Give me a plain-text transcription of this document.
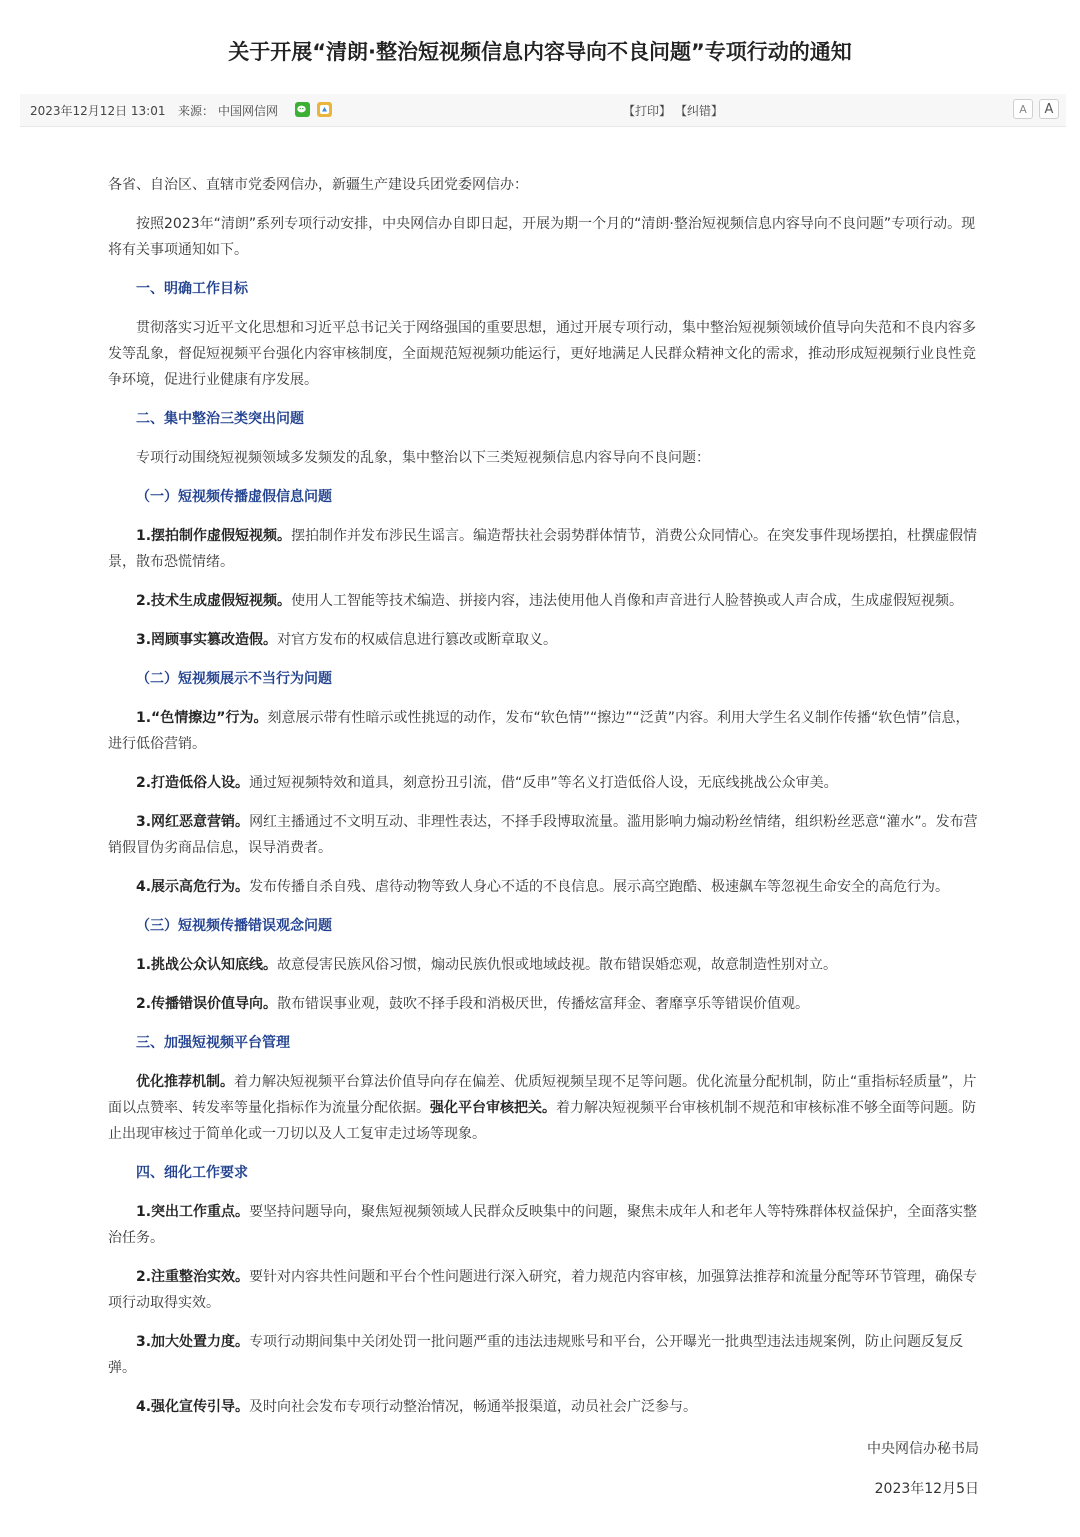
关于开展“清朗·整治短视频信息内容导向不良问题”专项行动的通知
2023年12月12日 13:01 来源： 中国网信网	【打印】 【纠错】	A	A

各省、自治区、直辖市党委网信办，新疆生产建设兵团党委网信办：

按照2023年“清朗”系列专项行动安排，中央网信办自即日起，开展为期一个月的“清朗·整治短视频信息内容导向不良问题”专项行动。现将有关事项通知如下。

一、明确工作目标

贯彻落实习近平文化思想和习近平总书记关于网络强国的重要思想，通过开展专项行动，集中整治短视频领域价值导向失范和不良内容多发等乱象，督促短视频平台强化内容审核制度，全面规范短视频功能运行，更好地满足人民群众精神文化的需求，推动形成短视频行业良性竞争环境，促进行业健康有序发展。

二、集中整治三类突出问题

专项行动围绕短视频领域多发频发的乱象，集中整治以下三类短视频信息内容导向不良问题：

（一）短视频传播虚假信息问题

1.摆拍制作虚假短视频。摆拍制作并发布涉民生谣言。编造帮扶社会弱势群体情节，消费公众同情心。在突发事件现场摆拍，杜撰虚假情景，散布恐慌情绪。

2.技术生成虚假短视频。使用人工智能等技术编造、拼接内容，违法使用他人肖像和声音进行人脸替换或人声合成，生成虚假短视频。

3.罔顾事实篡改造假。对官方发布的权威信息进行篡改或断章取义。

（二）短视频展示不当行为问题

1.“色情擦边”行为。刻意展示带有性暗示或性挑逗的动作，发布“软色情”“擦边”“泛黄”内容。利用大学生名义制作传播“软色情”信息，进行低俗营销。

2.打造低俗人设。通过短视频特效和道具，刻意扮丑引流，借“反串”等名义打造低俗人设，无底线挑战公众审美。

3.网红恶意营销。网红主播通过不文明互动、非理性表达，不择手段博取流量。滥用影响力煽动粉丝情绪，组织粉丝恶意“灌水”。发布营销假冒伪劣商品信息，误导消费者。

4.展示高危行为。发布传播自杀自残、虐待动物等致人身心不适的不良信息。展示高空跑酷、极速飙车等忽视生命安全的高危行为。

（三）短视频传播错误观念问题

1.挑战公众认知底线。故意侵害民族风俗习惯，煽动民族仇恨或地域歧视。散布错误婚恋观，故意制造性别对立。

2.传播错误价值导向。散布错误事业观，鼓吹不择手段和消极厌世，传播炫富拜金、奢靡享乐等错误价值观。

三、加强短视频平台管理

优化推荐机制。着力解决短视频平台算法价值导向存在偏差、优质短视频呈现不足等问题。优化流量分配机制，防止“重指标轻质量”，片面以点赞率、转发率等量化指标作为流量分配依据。强化平台审核把关。着力解决短视频平台审核机制不规范和审核标准不够全面等问题。防止出现审核过于简单化或一刀切以及人工复审走过场等现象。

四、细化工作要求

1.突出工作重点。要坚持问题导向，聚焦短视频领域人民群众反映集中的问题，聚焦未成年人和老年人等特殊群体权益保护，全面落实整治任务。

2.注重整治实效。要针对内容共性问题和平台个性问题进行深入研究，着力规范内容审核，加强算法推荐和流量分配等环节管理，确保专项行动取得实效。

3.加大处置力度。专项行动期间集中关闭处罚一批问题严重的违法违规账号和平台，公开曝光一批典型违法违规案例，防止问题反复反弹。

4.强化宣传引导。及时向社会发布专项行动整治情况，畅通举报渠道，动员社会广泛参与。

中央网信办秘书局
2023年12月5日
